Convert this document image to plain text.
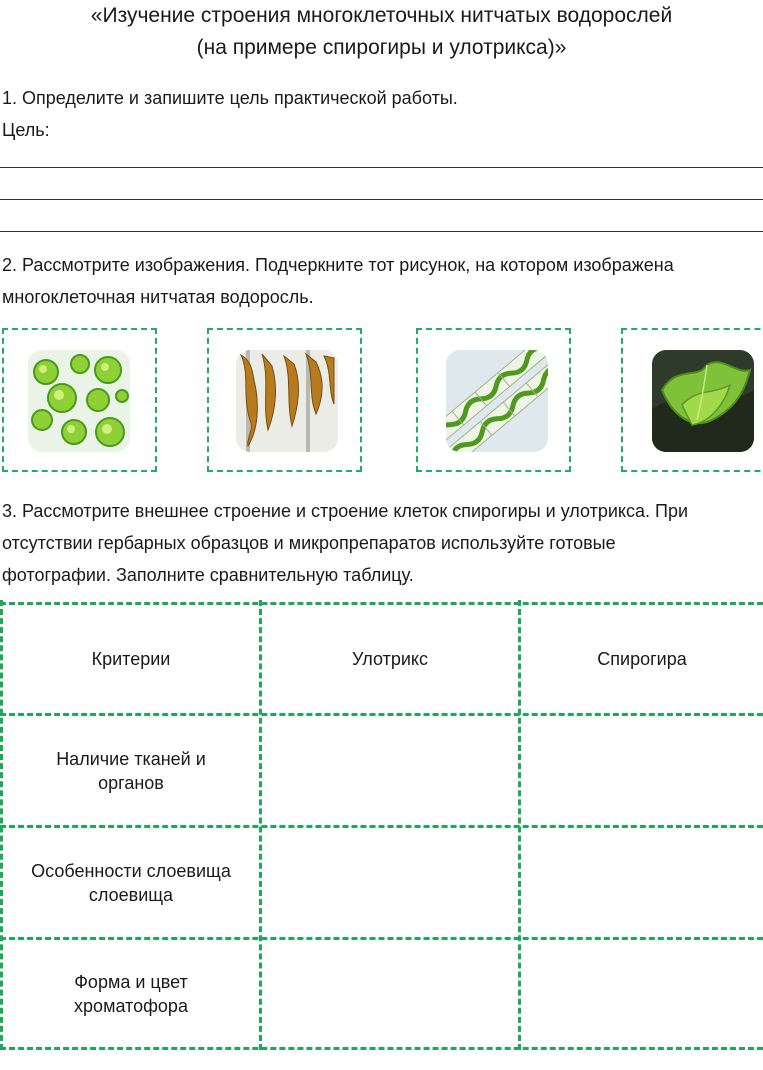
«Изучение строения многоклеточных нитчатых водорослей
(на примере спирогиры и улотрикса)»
1. Определите и запишите цель практической работы.
Цель:
2. Рассмотрите изображения. Подчеркните тот рисунок, на котором изображена
многоклеточная нитчатая водоросль.
3. Рассмотрите внешнее строение и строение клеток спирогиры и улотрикса. При
отсутствии гербарных образцов и микропрепаратов используйте готовые
фотографии. Заполните сравнительную таблицу.
Критерии	Улотрикс	Спирогира
Наличие тканей и
органов
Особенности слоевища
слоевища
Форма и цвет
хроматофора
